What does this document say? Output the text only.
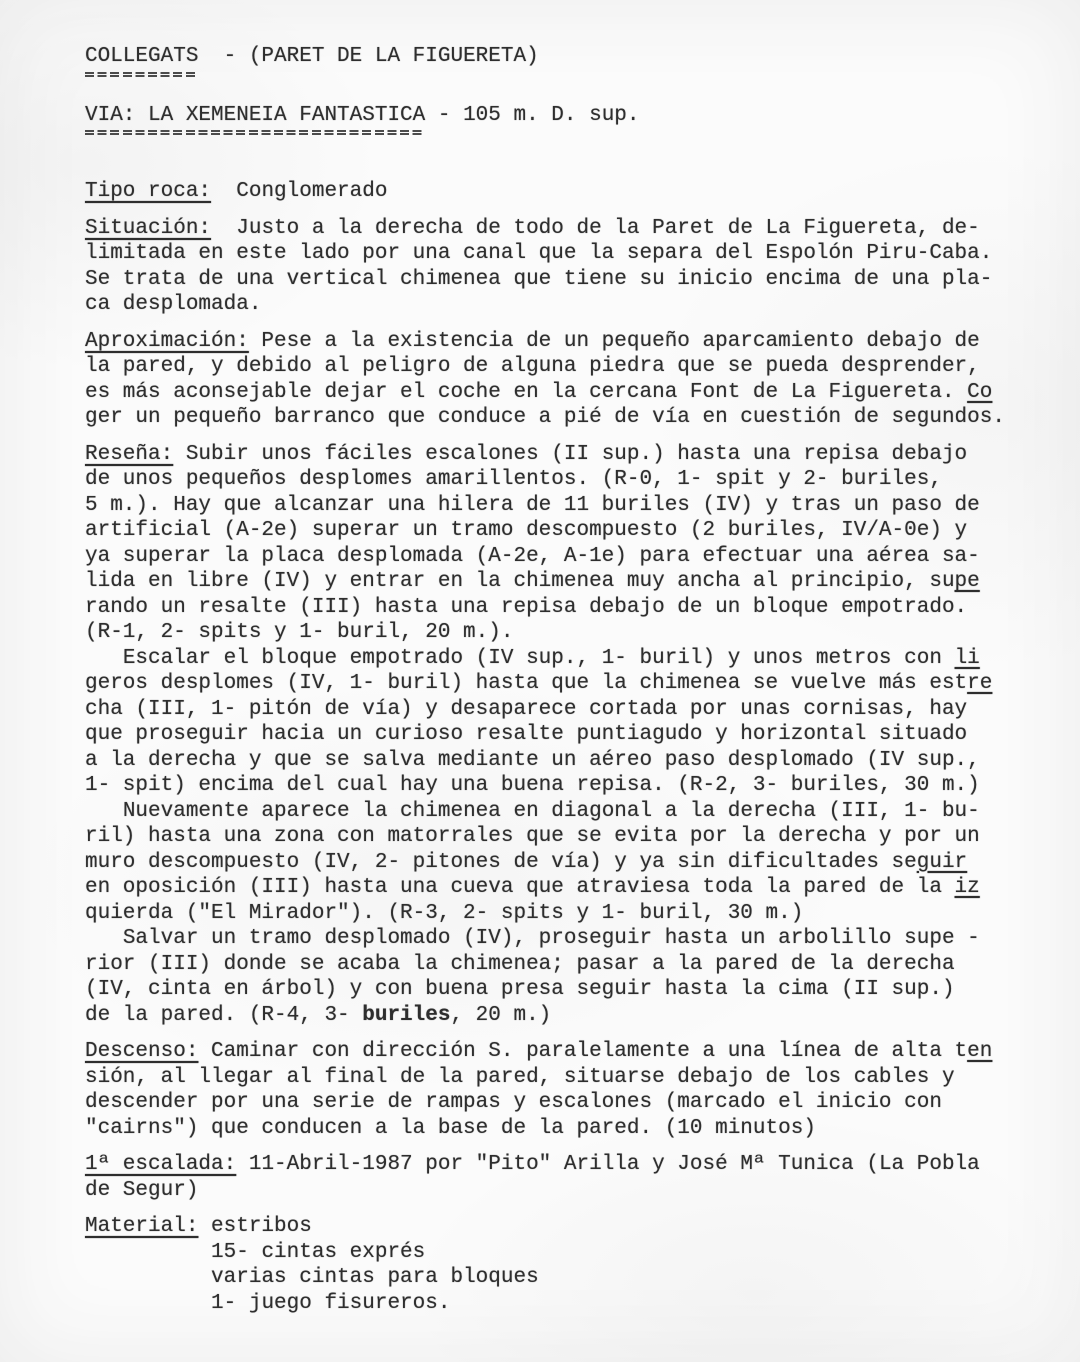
COLLEGATS  - (PARET DE LA FIGUERETA)
VIA: LA XEMENEIA FANTASTICA - 105 m. D. sup.
Tipo roca:  Conglomerado
Situación:  Justo a la derecha de todo de la Paret de La Figuereta, de-
limitada en este lado por una canal que la separa del Espolón Piru-Caba.
Se trata de una vertical chimenea que tiene su inicio encima de una pla-
ca desplomada.
Aproximación: Pese a la existencia de un pequeño aparcamiento debajo de
la pared, y debido al peligro de alguna piedra que se pueda desprender,
es más aconsejable dejar el coche en la cercana Font de La Figuereta. Co
ger un pequeño barranco que conduce a pié de vía en cuestión de segundos.
Reseña: Subir unos fáciles escalones (II sup.) hasta una repisa debajo
de unos pequeños desplomes amarillentos. (R-0, 1- spit y 2- buriles,
5 m.). Hay que alcanzar una hilera de 11 buriles (IV) y tras un paso de
artificial (A-2e) superar un tramo descompuesto (2 buriles, IV/A-0e) y
ya superar la placa desplomada (A-2e, A-1e) para efectuar una aérea sa-
lida en libre (IV) y entrar en la chimenea muy ancha al principio, supe
rando un resalte (III) hasta una repisa debajo de un bloque empotrado.
(R-1, 2- spits y 1- buril, 20 m.).
Escalar el bloque empotrado (IV sup., 1- buril) y unos metros con li
geros desplomes (IV, 1- buril) hasta que la chimenea se vuelve más estre
cha (III, 1- pitón de vía) y desaparece cortada por unas cornisas, hay
que proseguir hacia un curioso resalte puntiagudo y horizontal situado
a la derecha y que se salva mediante un aéreo paso desplomado (IV sup.,
1- spit) encima del cual hay una buena repisa. (R-2, 3- buriles, 30 m.)
Nuevamente aparece la chimenea en diagonal a la derecha (III, 1- bu-
ril) hasta una zona con matorrales que se evita por la derecha y por un
muro descompuesto (IV, 2- pitones de vía) y ya sin dificultades seguir
en oposición (III) hasta una cueva que atraviesa toda la pared de la iz
quierda ("El Mirador"). (R-3, 2- spits y 1- buril, 30 m.)
Salvar un tramo desplomado (IV), proseguir hasta un arbolillo supe -
rior (III) donde se acaba la chimenea; pasar a la pared de la derecha
(IV, cinta en árbol) y con buena presa seguir hasta la cima (II sup.)
de la pared. (R-4, 3- buriles, 20 m.)
Descenso: Caminar con dirección S. paralelamente a una línea de alta ten
sión, al llegar al final de la pared, situarse debajo de los cables y
descender por una serie de rampas y escalones (marcado el inicio con
"cairns") que conducen a la base de la pared. (10 minutos)
1ª escalada: 11-Abril-1987 por "Pito" Arilla y José Mª Tunica (La Pobla
de Segur)
Material: estribos
15- cintas exprés
varias cintas para bloques
1- juego fisureros.
